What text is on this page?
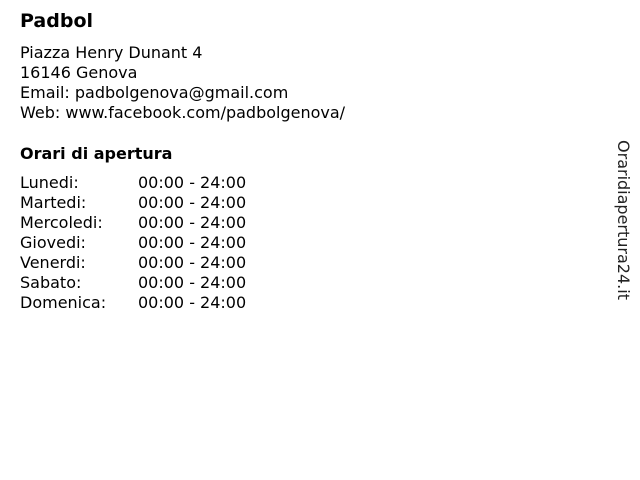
Padbol
Piazza Henry Dunant 4
16146 Genova
Email: padbolgenova@gmail.com
Web: www.facebook.com/padbolgenova/
Orari di apertura
Lunedi:	00:00 - 24:00
Martedi:	00:00 - 24:00
Mercoledi:	00:00 - 24:00
Giovedi:	00:00 - 24:00
Venerdi:	00:00 - 24:00
Sabato:	00:00 - 24:00
Domenica:	00:00 - 24:00
Oraridiapertura24.it
